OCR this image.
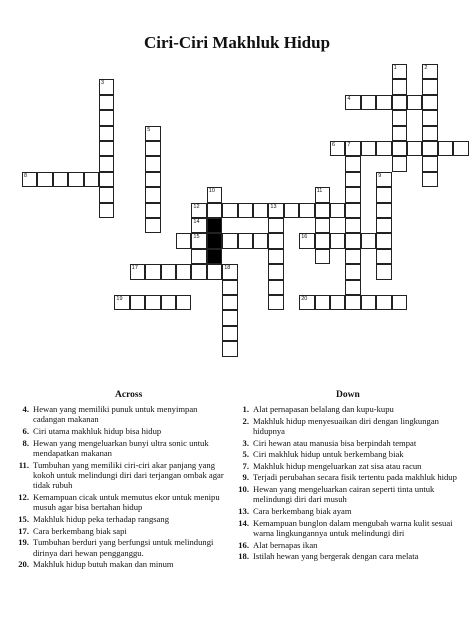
Ciri-Ciri Makhluk Hidup
1	2
3
4
5
6 7
8	9
10	11
12	13
14
15	16
17	18
19	20
Across	Down
4. Hewan yang memiliki punuk untuk menyimpan cadangan makanan
6. Ciri utama makhluk hidup bisa hidup
8. Hewan yang mengeluarkan bunyi ultra sonic untuk mendapatkan makanan
11. Tumbuhan yang memiliki ciri-ciri akar panjang yang kokoh untuk melindungi diri dari terjangan ombak agar tidak rubuh
12. Kemampuan cicak untuk memutus ekor untuk menipu musuh agar bisa bertahan hidup
15. Makhluk hidup peka terhadap rangsang
17. Cara berkembang biak sapi
19. Tumbuhan berduri yang berfungsi untuk melindungi dirinya dari hewan pengganggu.
20. Makhluk hidup butuh makan dan minum
1. Alat pernapasan belalang dan kupu-kupu
2. Makhluk hidup menyesuaikan diri dengan lingkungan hidupnya
3. Ciri hewan atau manusia bisa berpindah tempat
5. Ciri makhluk hidup untuk berkembang biak
7. Makhluk hidup mengeluarkan zat sisa atau racun
9. Terjadi perubahan secara fisik tertentu pada makhluk hidup
10. Hewan yang mengeluarkan cairan seperti tinta untuk melindungi diri dari musuh
13. Cara berkembang biak ayam
14. Kemampuan bunglon dalam mengubah warna kulit sesuai warna lingkungannya untuk melindungi diri
16. Alat bernapas ikan
18. Istilah hewan yang bergerak dengan cara melata
